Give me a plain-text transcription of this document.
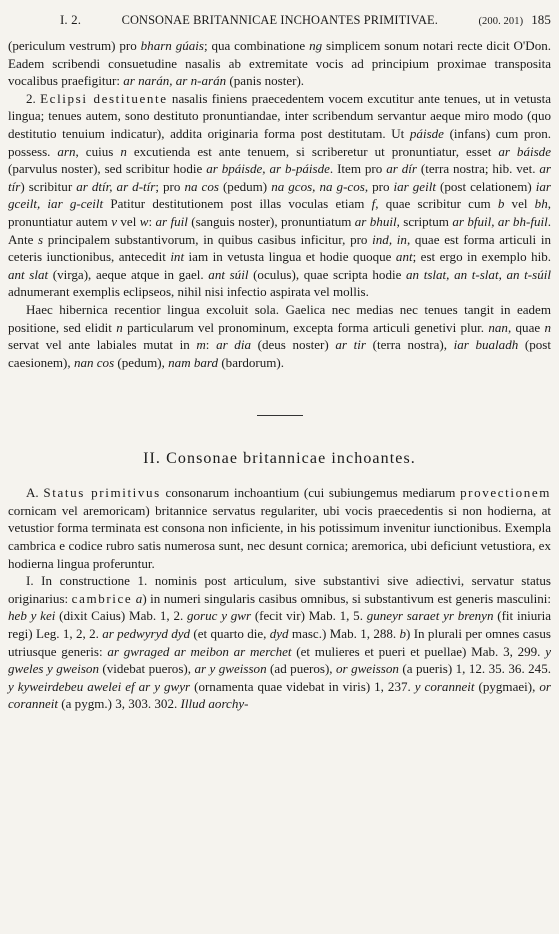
I. 2.	CONSONAE BRITANNICAE INCHOANTES PRIMITIVAE.	(200. 201) 185

(periculum vestrum) pro bharn gúais; qua combinatione ng simplicem sonum notari recte dicit O'Don. Eadem scribendi consuetudine nasalis ab extremitate vocis ad principium proximae transposita vocalibus praefigitur: ar narán, ar n-arán (panis noster).

2. Eclipsi destituente nasalis finiens praecedentem vocem excutitur ante tenues, ut in vetusta lingua; tenues autem, sono destituto pronuntiandae, inter scribendum servantur aeque miro modo (quo destitutio tenuium indicatur), addita originaria forma post destitutam. Ut páisde (infans) cum pron. possess. arn, cuius n excutienda est ante tenuem, si scriberetur ut pronuntiatur, esset ar báisde (parvulus noster), sed scribitur hodie ar bpáisde, ar b-páisde. Item pro ar dír (terra nostra; hib. vet. ar tír) scribitur ar dtír, ar d-tír; pro na cos (pedum) na gcos, na g-cos, pro iar geilt (post celationem) iar gceilt, iar g-ceilt Patitur destitutionem post illas voculas etiam f, quae scribitur cum b vel bh, pronuntiatur autem v vel w: ar fuil (sanguis noster), pronuntiatum ar bhuil, scriptum ar bfuil, ar bh-fuil. Ante s principalem substantivorum, in quibus casibus inficitur, pro ind, in, quae est forma articuli in ceteris iunctionibus, antecedit int iam in vetusta lingua et hodie quoque ant; est ergo in exemplo hib. ant slat (virga), aeque atque in gael. ant súil (oculus), quae scripta hodie an tslat, an t-slat, an t-súil adnumerant exemplis eclipseos, nihil nisi infectio aspirata vel mollis.

Haec hibernica recentior lingua excoluit sola. Gaelica nec medias nec tenues tangit in eadem positione, sed elidit n particularum vel pronominum, excepta forma articuli genetivi plur. nan, quae n servat vel ante labiales mutat in m: ar dia (deus noster) ar tir (terra nostra), iar bualadh (post caesionem), nan cos (pedum), nam bard (bardorum).

II. Consonae britannicae inchoantes.

A. Status primitivus consonarum inchoantium (cui subiungemus mediarum provectionem cornicam vel aremoricam) britannice servatus regulariter, ubi vocis praecedentis si non hodierna, at vetustior forma terminata est consona non inficiente, in his potissimum invenitur iunctionibus. Exempla cambrica e codice rubro satis numerosa sunt, nec desunt cornica; aremorica, ubi deficiunt vetustiora, ex hodierna lingua proferuntur.

I. In constructione 1. nominis post articulum, sive substantivi sive adiectivi, servatur status originarius: cambrice a) in numeri singularis casibus omnibus, si substantivum est generis masculini: heb y kei (dixit Caius) Mab. 1, 2. goruc y gwr (fecit vir) Mab. 1, 5. guneyr saraet yr brenyn (fit iniuria regi) Leg. 1, 2, 2. ar pedwyryd dyd (et quarto die, dyd masc.) Mab. 1, 288. b) In plurali per omnes casus utriusque generis: ar gwraged ar meibon ar merchet (et mulieres et pueri et puellae) Mab. 3, 299. y gweles y gweison (videbat pueros), ar y gweisson (ad pueros), or gweisson (a pueris) 1, 12. 35. 36. 245. y kyweirdebeu awelei ef ar y gwyr (ornamenta quae videbat in viris) 1, 237. y coranneit (pygmaei), or coranneit (a pygm.) 3, 303. 302. Illud aorchy-
